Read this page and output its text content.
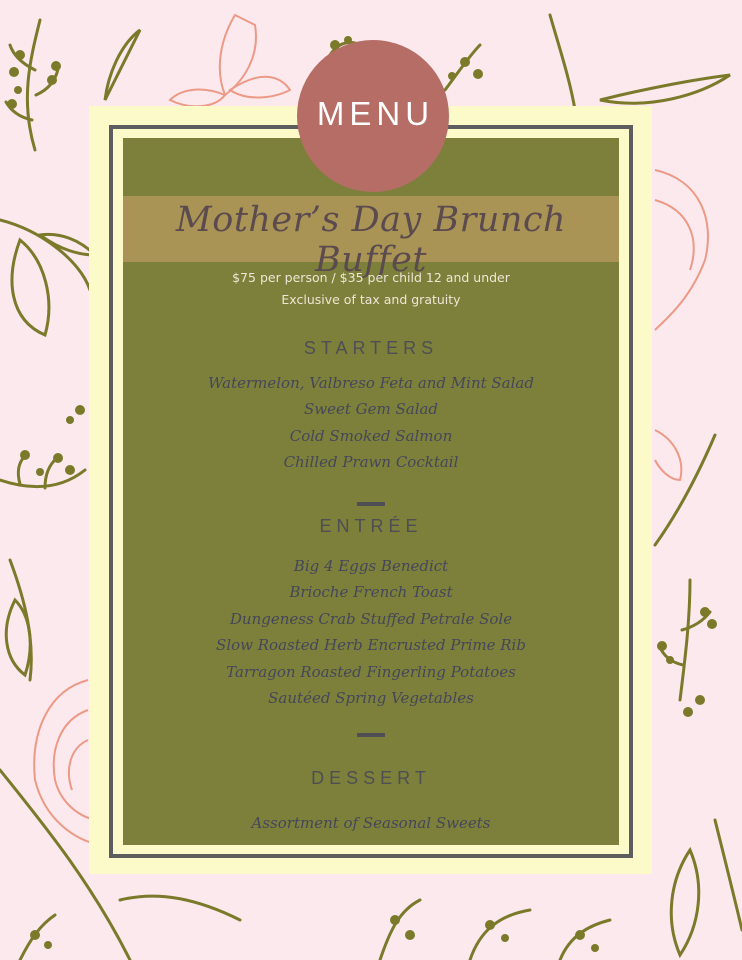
Mother’s Day Brunch Buffet
MENU
$75 per person / $35 per child 12 and under
Exclusive of tax and gratuity
STARTERS

Watermelon, Valbreso Feta and Mint Salad

Sweet Gem Salad

Cold Smoked Salmon

Chilled Prawn Cocktail

ENTRÉE

Big 4 Eggs Benedict

Brioche French Toast

Dungeness Crab Stuffed Petrale Sole

Slow Roasted Herb Encrusted Prime Rib

Tarragon Roasted Fingerling Potatoes

Sautéed Spring Vegetables

DESSERT

Assortment of Seasonal Sweets
